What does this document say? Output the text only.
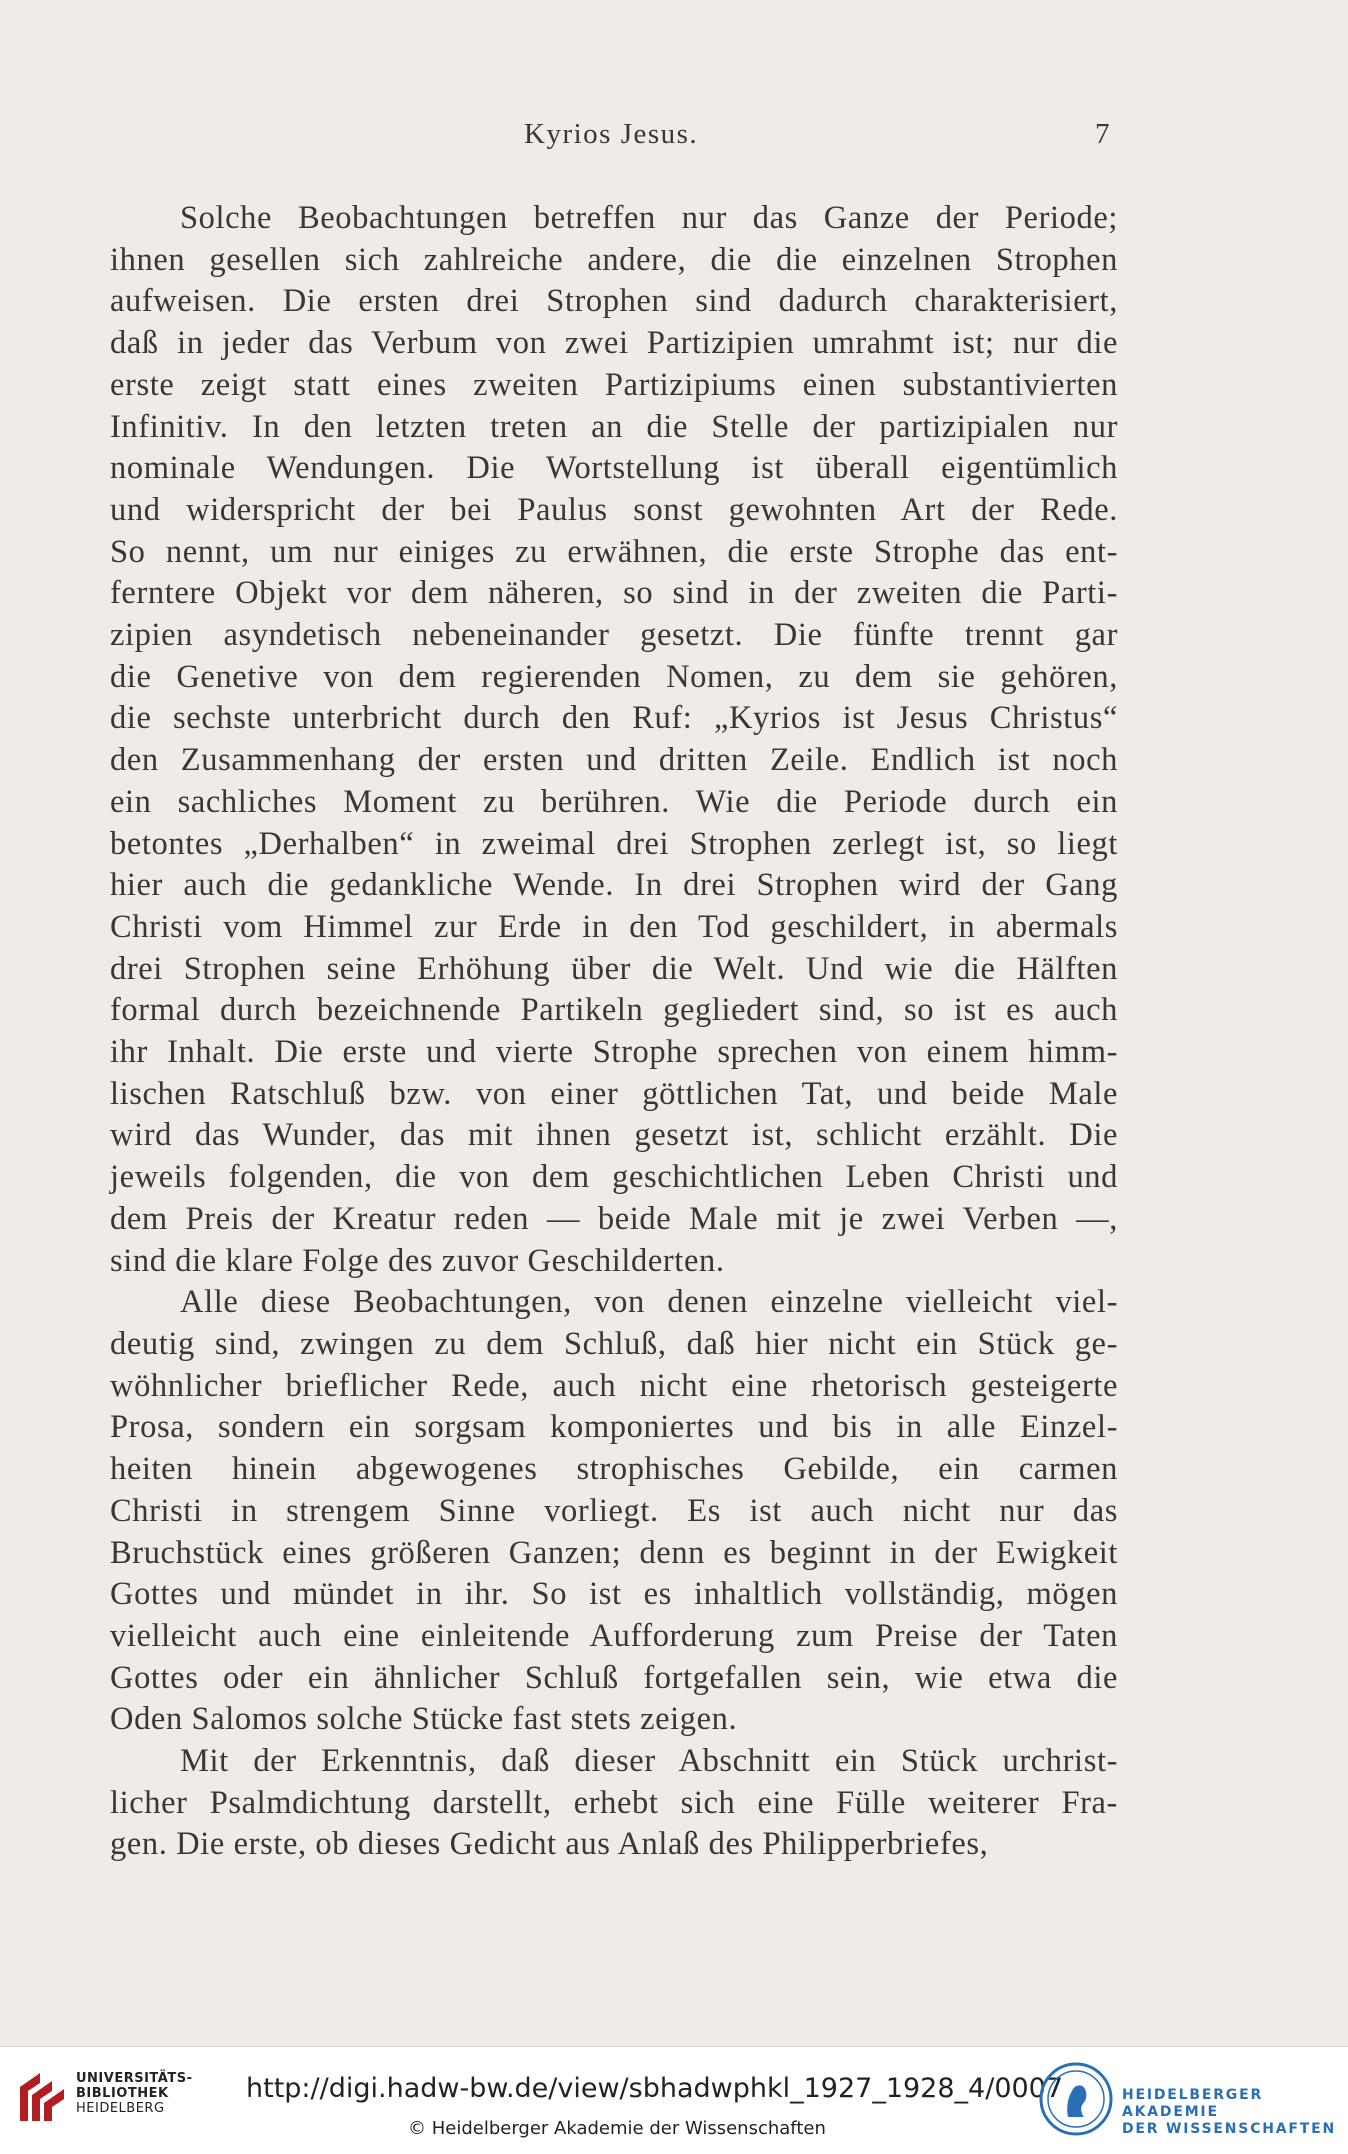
Kyrios Jesus.	7
Solche Beobachtungen betreffen nur das Ganze der Periode;
ihnen gesellen sich zahlreiche andere, die die einzelnen Strophen
aufweisen. Die ersten drei Strophen sind dadurch charakterisiert,
daß in jeder das Verbum von zwei Partizipien umrahmt ist; nur die
erste zeigt statt eines zweiten Partizipiums einen substantivierten
Infinitiv. In den letzten treten an die Stelle der partizipialen nur
nominale Wendungen. Die Wortstellung ist überall eigentümlich
und widerspricht der bei Paulus sonst gewohnten Art der Rede.
So nennt, um nur einiges zu erwähnen, die erste Strophe das ent-
ferntere Objekt vor dem näheren, so sind in der zweiten die Parti-
zipien asyndetisch nebeneinander gesetzt. Die fünfte trennt gar
die Genetive von dem regierenden Nomen, zu dem sie gehören,
die sechste unterbricht durch den Ruf: „Kyrios ist Jesus Christus“
den Zusammenhang der ersten und dritten Zeile. Endlich ist noch
ein sachliches Moment zu berühren. Wie die Periode durch ein
betontes „Derhalben“ in zweimal drei Strophen zerlegt ist, so liegt
hier auch die gedankliche Wende. In drei Strophen wird der Gang
Christi vom Himmel zur Erde in den Tod geschildert, in abermals
drei Strophen seine Erhöhung über die Welt. Und wie die Hälften
formal durch bezeichnende Partikeln gegliedert sind, so ist es auch
ihr Inhalt. Die erste und vierte Strophe sprechen von einem himm-
lischen Ratschluß bzw. von einer göttlichen Tat, und beide Male
wird das Wunder, das mit ihnen gesetzt ist, schlicht erzählt. Die
jeweils folgenden, die von dem geschichtlichen Leben Christi und
dem Preis der Kreatur reden — beide Male mit je zwei Verben —,
sind die klare Folge des zuvor Geschilderten.
Alle diese Beobachtungen, von denen einzelne vielleicht viel-
deutig sind, zwingen zu dem Schluß, daß hier nicht ein Stück ge-
wöhnlicher brieflicher Rede, auch nicht eine rhetorisch gesteigerte
Prosa, sondern ein sorgsam komponiertes und bis in alle Einzel-
heiten hinein abgewogenes strophisches Gebilde, ein carmen
Christi in strengem Sinne vorliegt. Es ist auch nicht nur das
Bruchstück eines größeren Ganzen; denn es beginnt in der Ewigkeit
Gottes und mündet in ihr. So ist es inhaltlich vollständig, mögen
vielleicht auch eine einleitende Aufforderung zum Preise der Taten
Gottes oder ein ähnlicher Schluß fortgefallen sein, wie etwa die
Oden Salomos solche Stücke fast stets zeigen.
Mit der Erkenntnis, daß dieser Abschnitt ein Stück urchrist-
licher Psalmdichtung darstellt, erhebt sich eine Fülle weiterer Fra-
gen. Die erste, ob dieses Gedicht aus Anlaß des Philipperbriefes,
UNIVERSITÄTS-
BIBLIOTHEK
HEIDELBERG
http://digi.hadw-bw.de/view/sbhadwphkl_1927_1928_4/0007
© Heidelberger Akademie der Wissenschaften
HEIDELBERGER AKADEMIE
DER WISSENSCHAFTEN
